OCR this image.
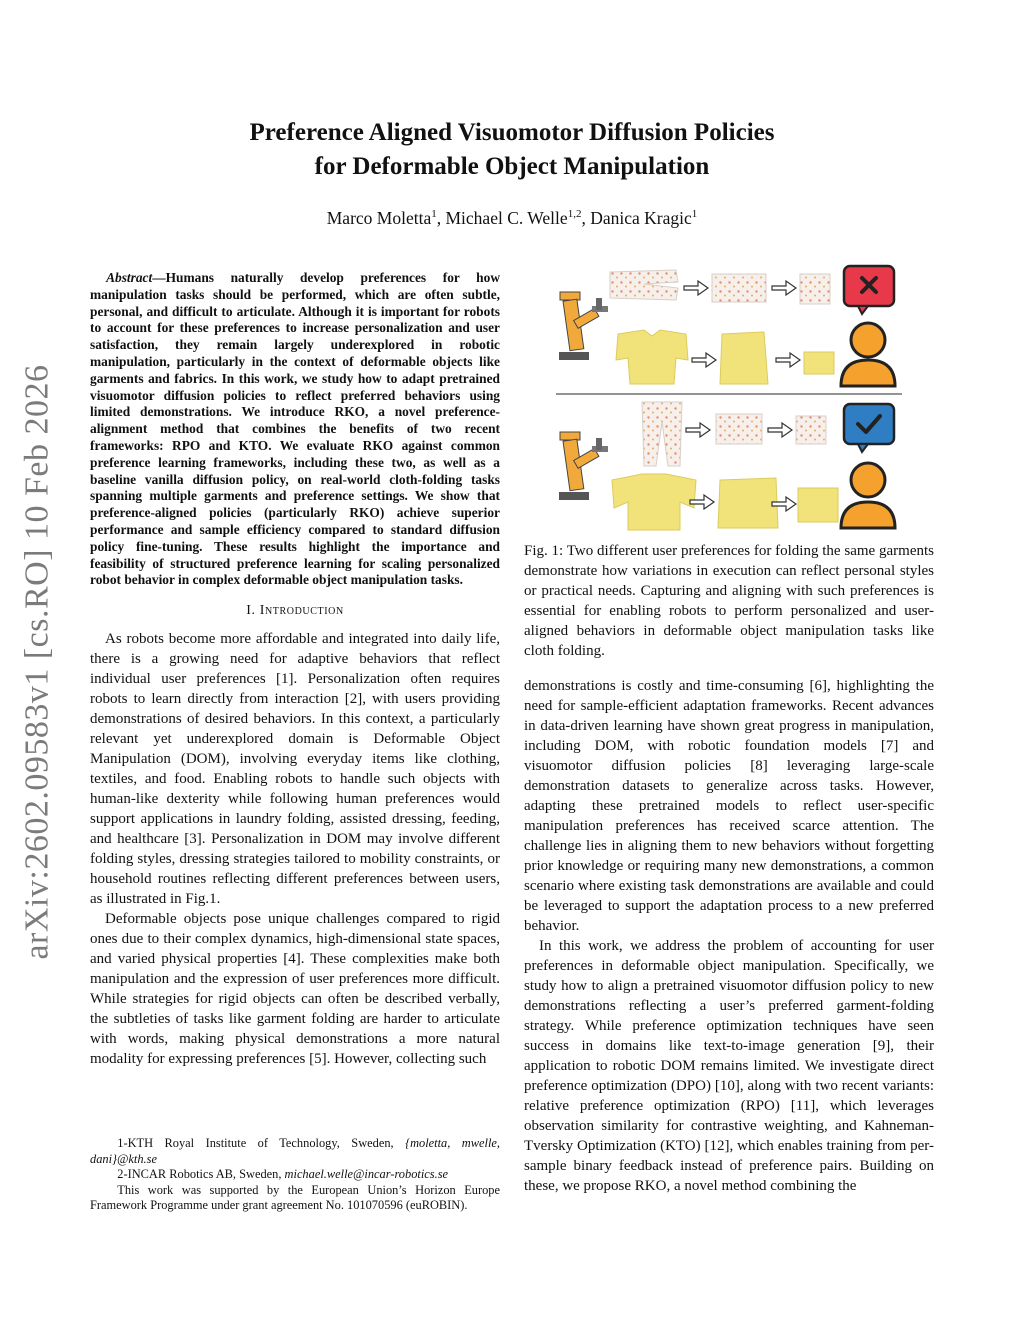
arXiv:2602.09583v1 [cs.RO] 10 Feb 2026
Preference Aligned Visuomotor Diffusion Policies
for Deformable Object Manipulation
Marco Moletta$^1$, Michael C. Welle$^{1,2}$, Danica Kragic$^1$

Abstract—Humans naturally develop preferences for how manipulation tasks should be performed, which are often subtle, personal, and difficult to articulate. Although it is important for robots to account for these preferences to increase personalization and user satisfaction, they remain largely underexplored in robotic manipulation, particularly in the context of deformable objects like garments and fabrics. In this work, we study how to adapt pretrained visuomotor diffusion policies to reflect preferred behaviors using limited demonstrations. We introduce RKO, a novel preference-alignment method that combines the benefits of two recent frameworks: RPO and KTO. We evaluate RKO against common preference learning frameworks, including these two, as well as a baseline vanilla diffusion policy, on real-world cloth-folding tasks spanning multiple garments and preference settings. We show that preference-aligned policies (particularly RKO) achieve superior performance and sample efficiency compared to standard diffusion policy fine-tuning. These results highlight the importance and feasibility of structured preference learning for scaling personalized robot behavior in complex deformable object manipulation tasks.

I. Introduction

As robots become more affordable and integrated into daily life, there is a growing need for adaptive behaviors that reflect individual user preferences [1]. Personalization often requires robots to learn directly from interaction [2], with users providing demonstrations of desired behaviors. In this context, a particularly relevant yet underexplored domain is Deformable Object Manipulation (DOM), involving everyday items like clothing, textiles, and food. Enabling robots to handle such objects with human-like dexterity while following human preferences would support applications in laundry folding, assisted dressing, feeding, and healthcare [3]. Personalization in DOM may involve different folding styles, dressing strategies tailored to mobility constraints, or household routines reflecting different preferences between users, as illustrated in Fig.1.

Deformable objects pose unique challenges compared to rigid ones due to their complex dynamics, high-dimensional state spaces, and varied physical properties [4]. These complexities make both manipulation and the expression of user preferences more difficult. While strategies for rigid objects can often be described verbally, the subtleties of tasks like garment folding are harder to articulate with words, making physical demonstrations a more natural modality for expressing preferences [5]. However, collecting such

1-KTH Royal Institute of Technology, Sweden, {moletta, mwelle, dani}@kth.se

2-INCAR Robotics AB, Sweden, michael.welle@incar-robotics.se

This work was supported by the European Union’s Horizon Europe Framework Programme under grant agreement No. 101070596 (euROBIN).

Fig. 1: Two different user preferences for folding the same garments demonstrate how variations in execution can reflect personal styles or practical needs. Capturing and aligning with such preferences is essential for enabling robots to perform personalized and user-aligned behaviors in deformable object manipulation tasks like cloth folding.

demonstrations is costly and time-consuming [6], highlighting the need for sample-efficient adaptation frameworks. Recent advances in data-driven learning have shown great progress in manipulation, including DOM, with robotic foundation models [7] and visuomotor diffusion policies [8] leveraging large-scale demonstration datasets to generalize across tasks. However, adapting these pretrained models to reflect user-specific manipulation preferences has received scarce attention. The challenge lies in aligning them to new behaviors without forgetting prior knowledge or requiring many new demonstrations, a common scenario where existing task demonstrations are available and could be leveraged to support the adaptation process to a new preferred behavior.

In this work, we address the problem of accounting for user preferences in deformable object manipulation. Specifically, we study how to align a pretrained visuomotor diffusion policy to new demonstrations reflecting a user’s preferred garment-folding strategy. While preference optimization techniques have seen success in domains like text-to-image generation [9], their application to robotic DOM remains limited. We investigate direct preference optimization (DPO) [10], along with two recent variants: relative preference optimization (RPO) [11], which leverages observation similarity for contrastive weighting, and Kahneman-Tversky Optimization (KTO) [12], which enables training from per-sample binary feedback instead of preference pairs. Building on these, we propose RKO, a novel method combining the
